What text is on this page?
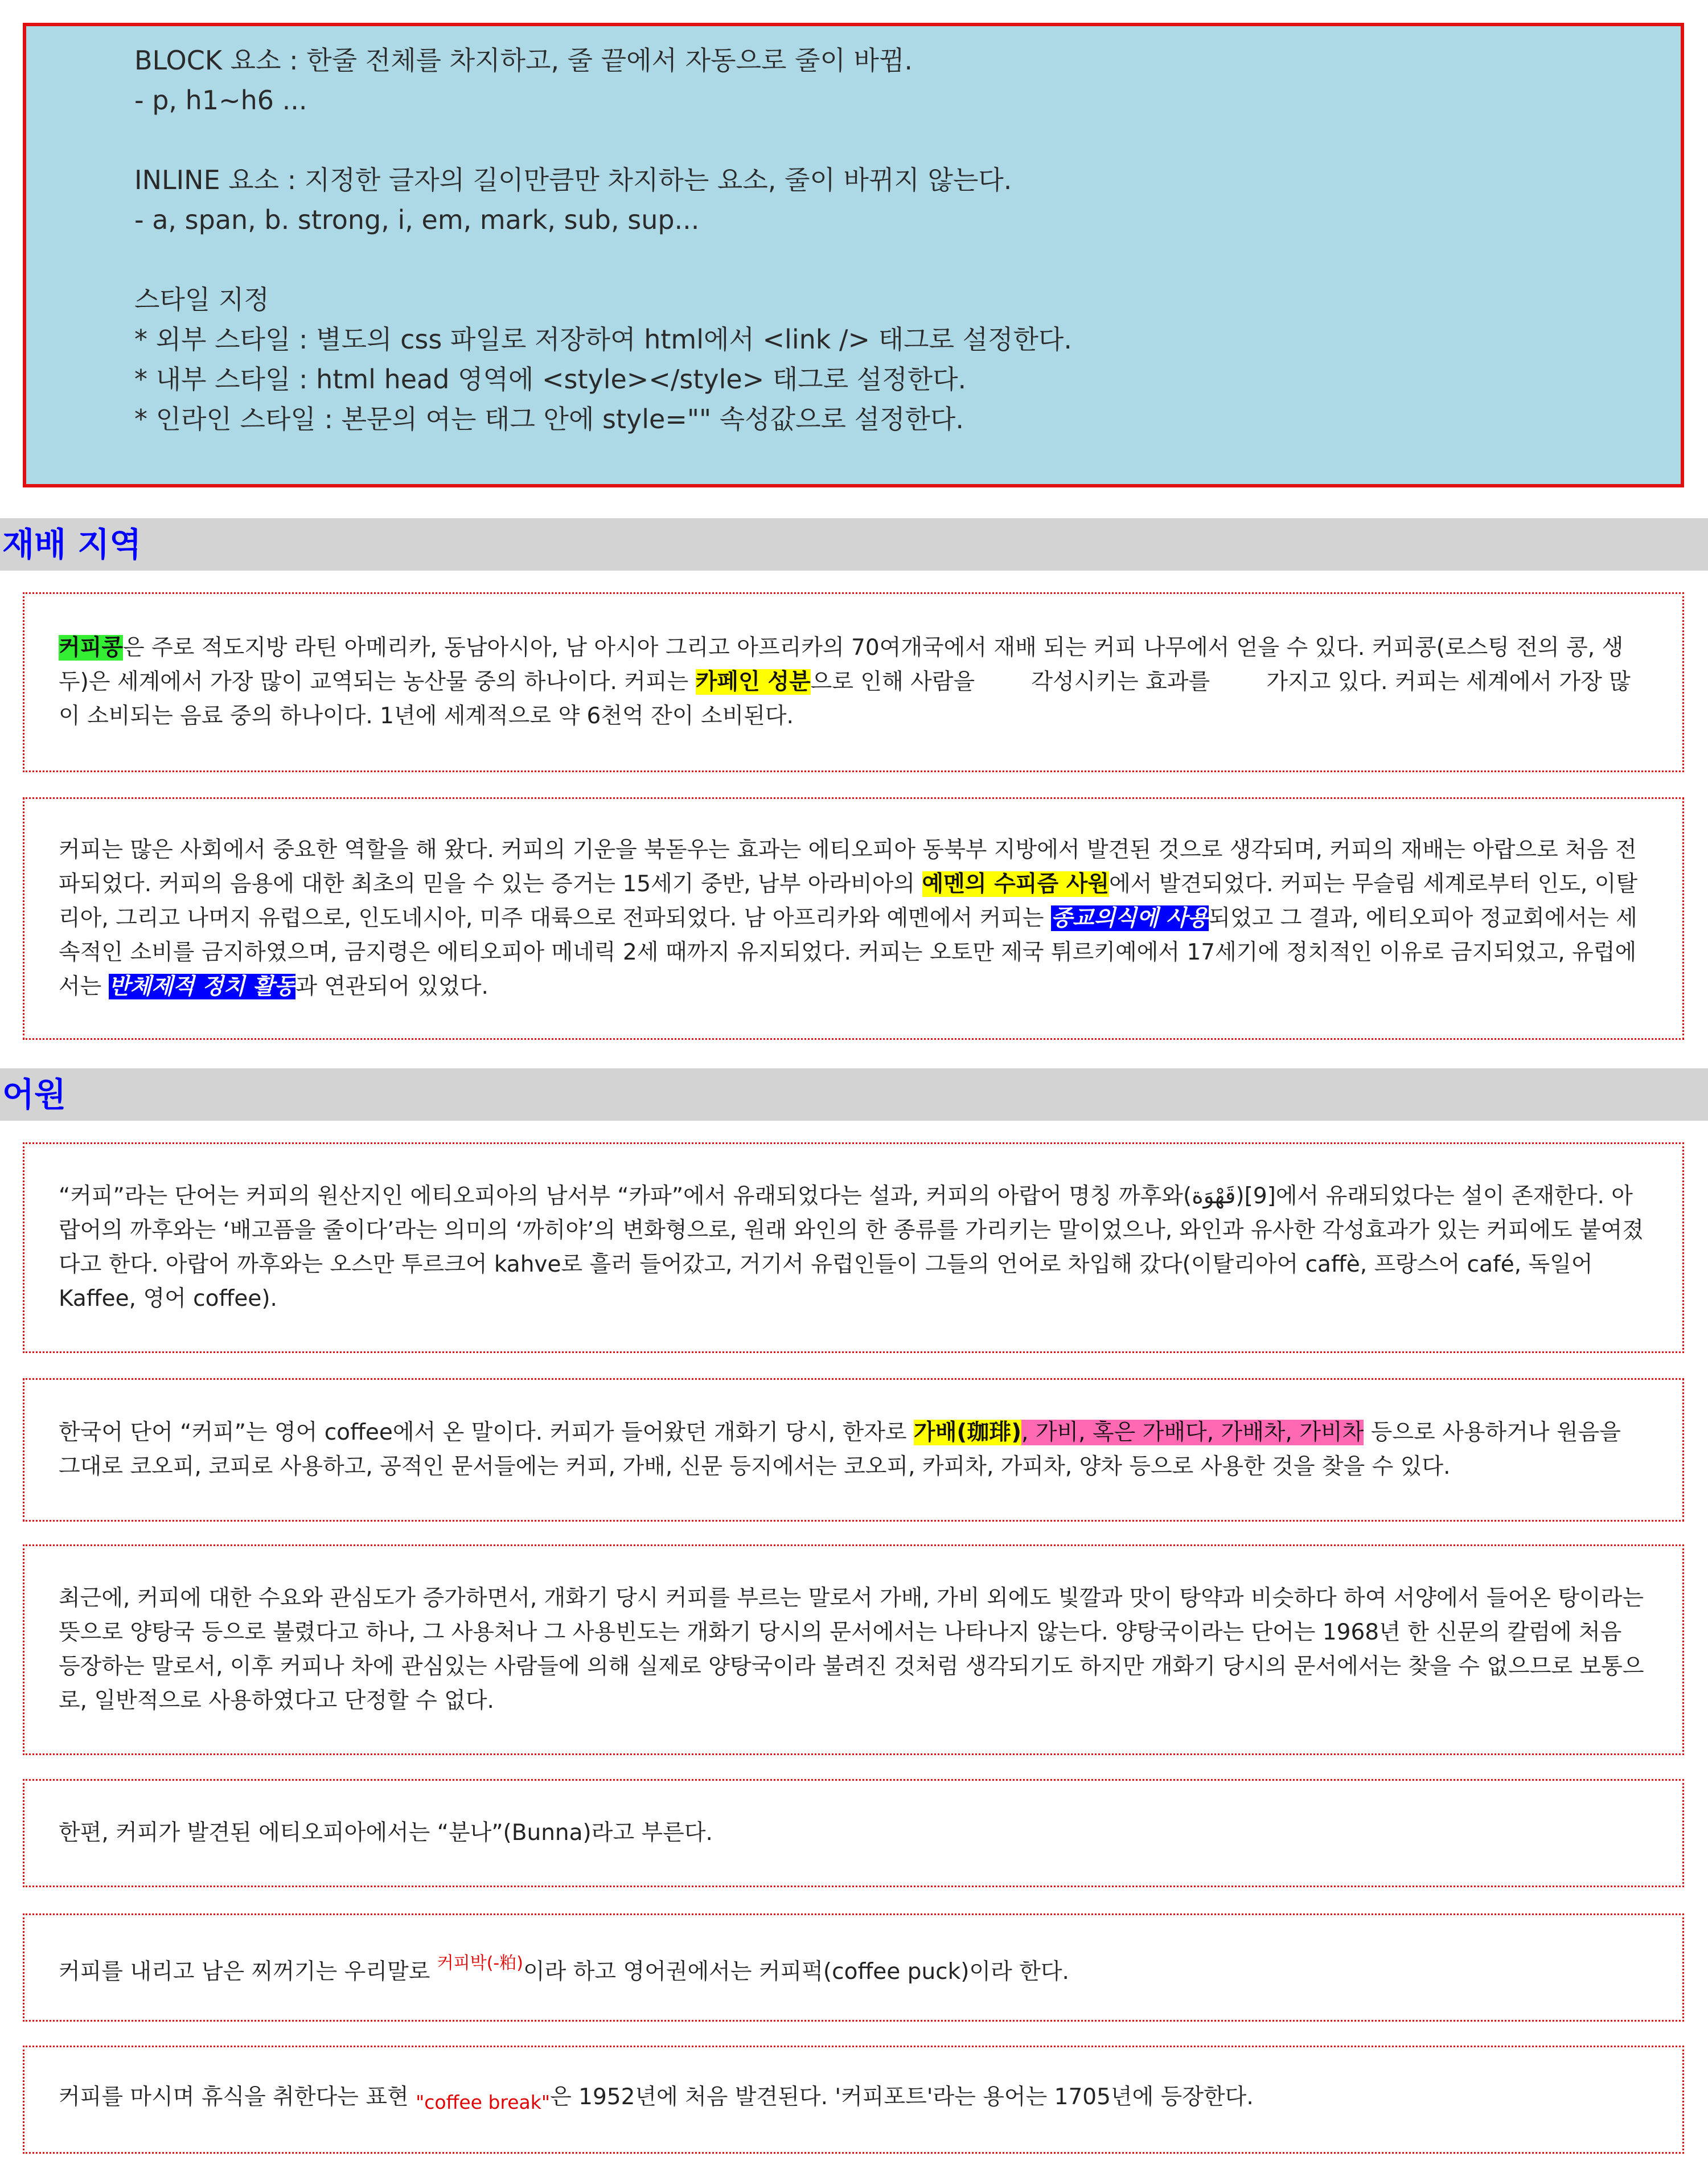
BLOCK 요소 : 한줄 전체를 차지하고, 줄 끝에서 자동으로 줄이 바뀜.
- p, h1~h6 ...
INLINE 요소 : 지정한 글자의 길이만큼만 차지하는 요소, 줄이 바뀌지 않는다.
- a, span, b. strong, i, em, mark, sub, sup...
스타일 지정
* 외부 스타일 : 별도의 css 파일로 저장하여 html에서 <link /> 태그로 설정한다.
* 내부 스타일 : html head 영역에 <style></style> 태그로 설정한다.
* 인라인 스타일 : 본문의 여는 태그 안에 style="" 속성값으로 설정한다.
재배 지역

커피콩은 주로 적도지방 라틴 아메리카, 동남아시아, 남 아시아 그리고 아프리카의 70여개국에서 재배 되는 커피 나무에서 얻을 수 있다. 커피콩(로스팅 전의 콩, 생두)은 세계에서 가장 많이 교역되는 농산물 중의 하나이다. 커피는 카페인 성분으로 인해 사람을        각성시키는 효과를        가지고 있다. 커피는 세계에서 가장 많이 소비되는 음료 중의 하나이다. 1년에 세계적으로 약 6천억 잔이 소비된다.

커피는 많은 사회에서 중요한 역할을 해 왔다. 커피의 기운을 북돋우는 효과는 에티오피아 동북부 지방에서 발견된 것으로 생각되며, 커피의 재배는 아랍으로 처음 전파되었다. 커피의 음용에 대한 최초의 믿을 수 있는 증거는 15세기 중반, 남부 아라비아의 예멘의 수피즘 사원에서 발견되었다. 커피는 무슬림 세계로부터 인도, 이탈리아, 그리고 나머지 유럽으로, 인도네시아, 미주 대륙으로 전파되었다. 남 아프리카와 예멘에서 커피는 종교의식에 사용되었고 그 결과, 에티오피아 정교회에서는 세속적인 소비를 금지하였으며, 금지령은 에티오피아 메네릭 2세 때까지 유지되었다. 커피는 오토만 제국 튀르키예에서 17세기에 정치적인 이유로 금지되었고, 유럽에서는 반체제적 정치 활동과 연관되어 있었다.

어원

“커피”라는 단어는 커피의 원산지인 에티오피아의 남서부 “카파”에서 유래되었다는 설과, 커피의 아랍어 명칭 까후와(قَهْوَة)[9]에서 유래되었다는 설이 존재한다. 아랍어의 까후와는 ‘배고픔을 줄이다’라는 의미의 ‘까히야’의 변화형으로, 원래 와인의 한 종류를 가리키는 말이었으나, 와인과 유사한 각성효과가 있는 커피에도 붙여졌다고 한다. 아랍어 까후와는 오스만 투르크어 kahve로 흘러 들어갔고, 거기서 유럽인들이 그들의 언어로 차입해 갔다(이탈리아어 caffè, 프랑스어 café, 독일어 Kaffee, 영어 coffee).

한국어 단어 “커피”는 영어 coffee에서 온 말이다. 커피가 들어왔던 개화기 당시, 한자로 가배(珈琲), 가비, 혹은 가배다, 가배차, 가비차 등으로 사용하거나 원음을 그대로 코오피, 코피로 사용하고, 공적인 문서들에는 커피, 가배, 신문 등지에서는 코오피, 카피차, 가피차, 양차 등으로 사용한 것을 찾을 수 있다.

최근에, 커피에 대한 수요와 관심도가 증가하면서, 개화기 당시 커피를 부르는 말로서 가배, 가비 외에도 빛깔과 맛이 탕약과 비슷하다 하여 서양에서 들어온 탕이라는 뜻으로 양탕국 등으로 불렸다고 하나, 그 사용처나 그 사용빈도는 개화기 당시의 문서에서는 나타나지 않는다. 양탕국이라는 단어는 1968년 한 신문의 칼럼에 처음 등장하는 말로서, 이후 커피나 차에 관심있는 사람들에 의해 실제로 양탕국이라 불려진 것처럼 생각되기도 하지만 개화기 당시의 문서에서는 찾을 수 없으므로 보통으로, 일반적으로 사용하였다고 단정할 수 없다.

한편, 커피가 발견된 에티오피아에서는 “분나”(Bunna)라고 부른다.

커피를 내리고 남은 찌꺼기는 우리말로 $^{커피박(-粕)}$이라 하고 영어권에서는 커피퍽(coffee puck)이라 한다.

커피를 마시며 휴식을 취한다는 표현 $_{"coffee break"}$은 1952년에 처음 발견된다. '커피포트'라는 용어는 1705년에 등장한다.
